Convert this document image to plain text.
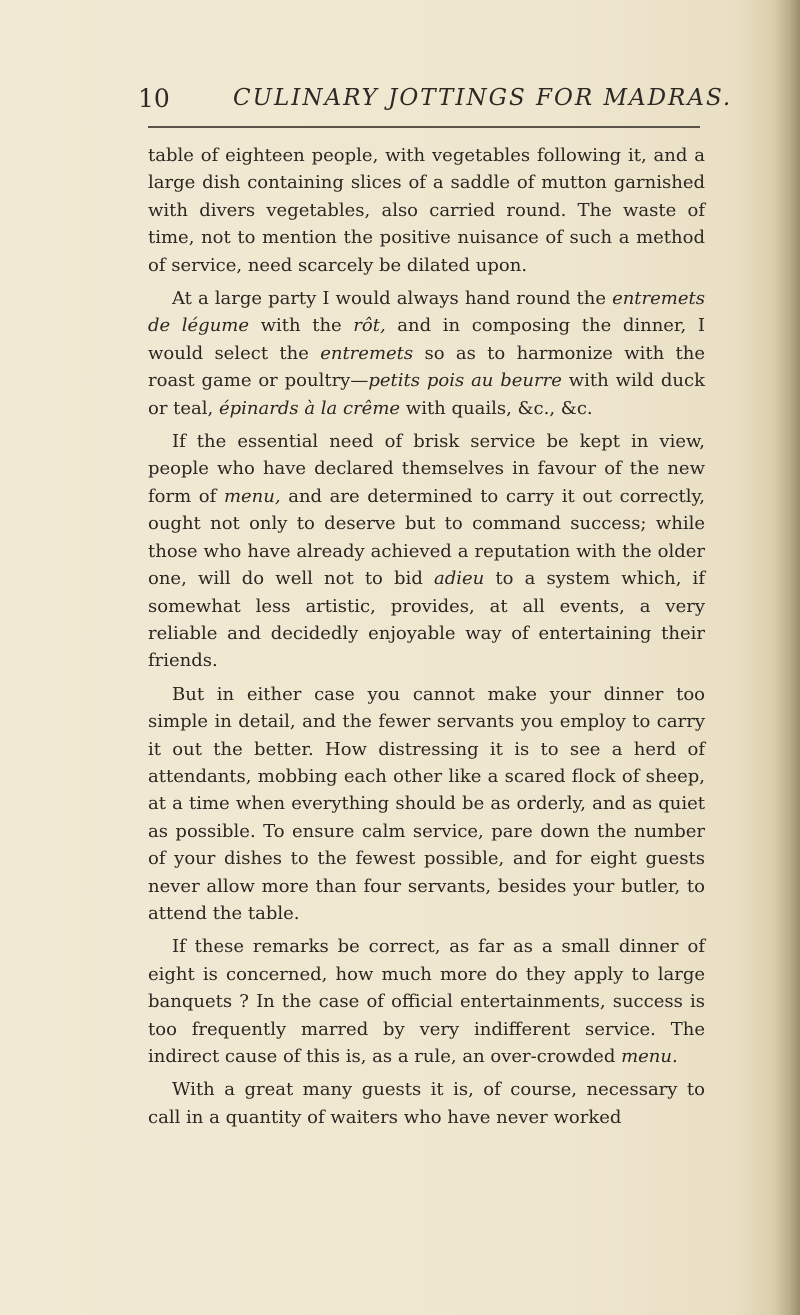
10	CULINARY JOTTINGS FOR MADRAS.

table of eighteen people, with vegetables following it, and a large dish containing slices of a saddle of mutton garnished with divers vegetables, also carried round. The waste of time, not to mention the positive nuisance of such a method of service, need scarcely be dilated upon.

At a large party I would always hand round the entremets de légume with the rôt, and in composing the dinner, I would select the entremets so as to harmonize with the roast game or poultry—petits pois au beurre with wild duck or teal, épinards à la crême with quails, &c., &c.

If the essential need of brisk service be kept in view, people who have declared themselves in favour of the new form of menu, and are determined to carry it out correctly, ought not only to deserve but to command success; while those who have already achieved a reputation with the older one, will do well not to bid adieu to a system which, if somewhat less artistic, provides, at all events, a very reliable and decidedly enjoyable way of entertaining their friends.

But in either case you cannot make your dinner too simple in detail, and the fewer servants you employ to carry it out the better. How distressing it is to see a herd of attendants, mobbing each other like a scared flock of sheep, at a time when everything should be as orderly, and as quiet as possible. To ensure calm service, pare down the number of your dishes to the fewest possible, and for eight guests never allow more than four servants, besides your butler, to attend the table.

If these remarks be correct, as far as a small dinner of eight is concerned, how much more do they apply to large banquets ? In the case of official entertainments, success is too frequently marred by very indifferent service. The indirect cause of this is, as a rule, an over-crowded menu.

With a great many guests it is, of course, necessary to call in a quantity of waiters who have never worked
